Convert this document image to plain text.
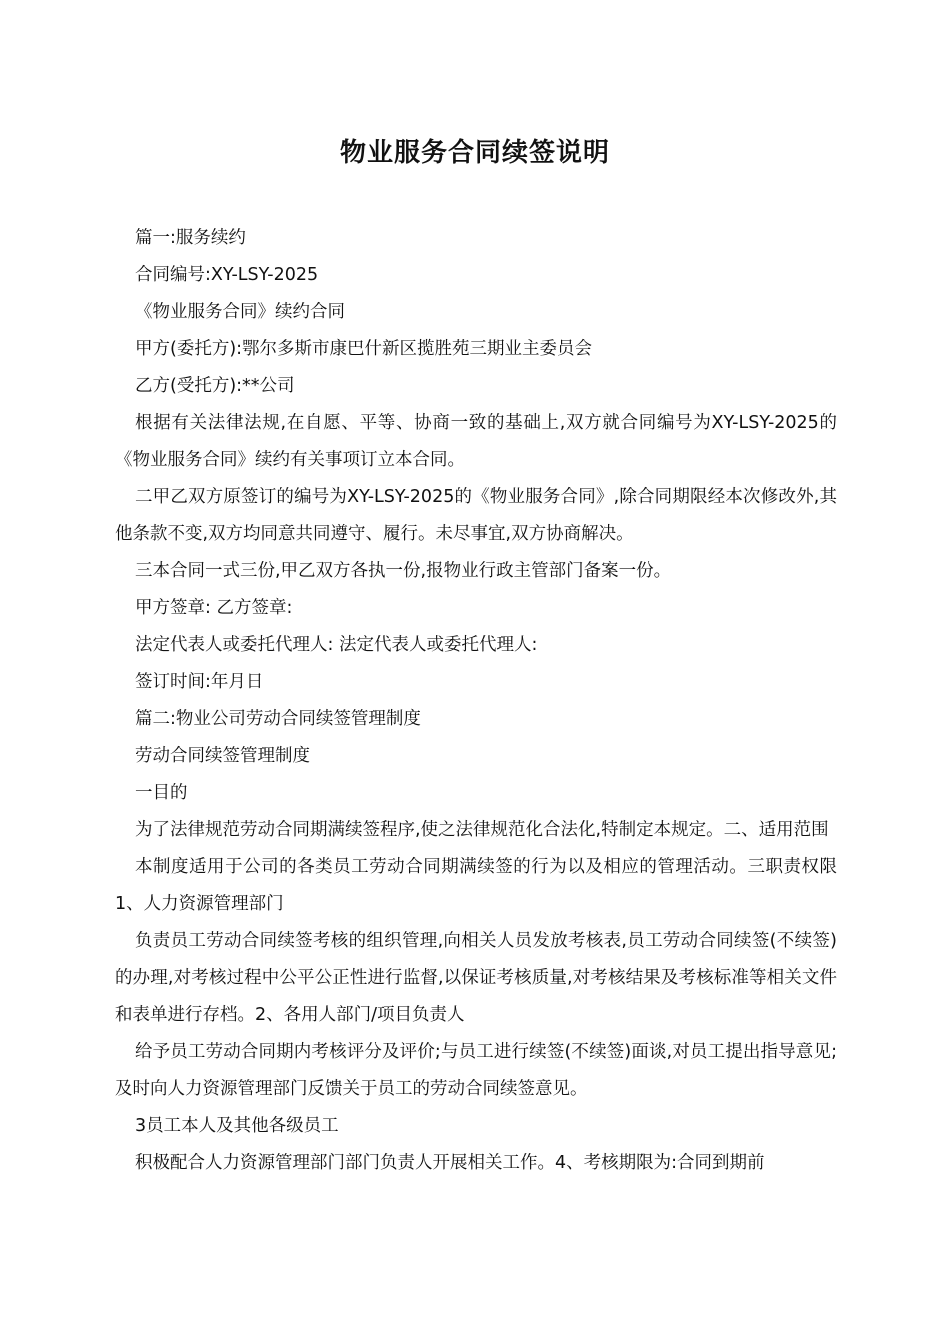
物业服务合同续签说明

篇一:服务续约

合同编号:XY-LSY-2025

《物业服务合同》续约合同

甲方(委托方):鄂尔多斯市康巴什新区揽胜苑三期业主委员会

乙方(受托方):**公司

根据有关法律法规,在自愿、平等、协商一致的基础上,双方就合同编号为XY-LSY-2025的《物业服务合同》续约有关事项订立本合同。

二甲乙双方原签订的编号为XY-LSY-2025的《物业服务合同》,除合同期限经本次修改外,其他条款不变,双方均同意共同遵守、履行。未尽事宜,双方协商解决。

三本合同一式三份,甲乙双方各执一份,报物业行政主管部门备案一份。

甲方签章: 乙方签章:

法定代表人或委托代理人: 法定代表人或委托代理人:

签订时间:年月日

篇二:物业公司劳动合同续签管理制度

劳动合同续签管理制度

一目的

为了法律规范劳动合同期满续签程序,使之法律规范化合法化,特制定本规定。二、适用范围

本制度适用于公司的各类员工劳动合同期满续签的行为以及相应的管理活动。三职责权限 1、人力资源管理部门

负责员工劳动合同续签考核的组织管理,向相关人员发放考核表,员工劳动合同续签(不续签)的办理,对考核过程中公平公正性进行监督,以保证考核质量,对考核结果及考核标准等相关文件和表单进行存档。2、各用人部门/项目负责人

给予员工劳动合同期内考核评分及评价;与员工进行续签(不续签)面谈,对员工提出指导意见;及时向人力资源管理部门反馈关于员工的劳动合同续签意见。

3员工本人及其他各级员工

积极配合人力资源管理部门部门负责人开展相关工作。4、考核期限为:合同到期前
